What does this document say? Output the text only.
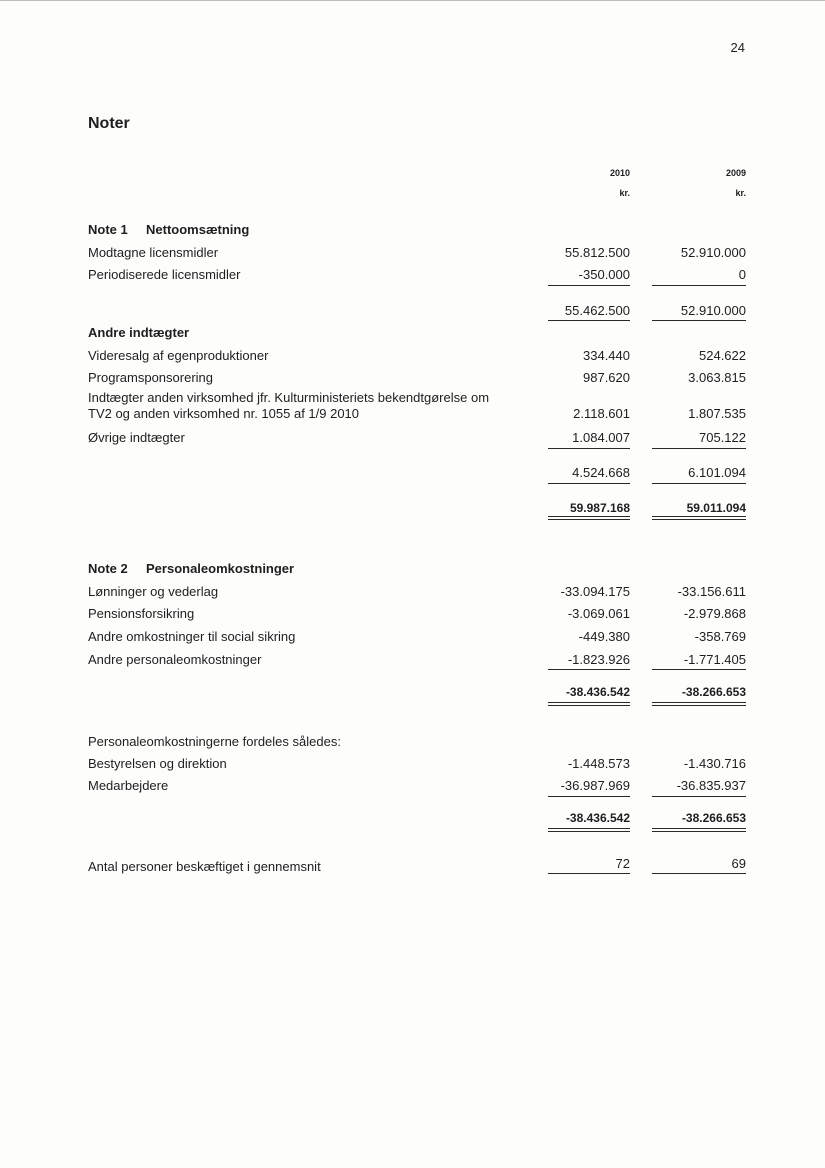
24
Noter
2010
kr.
2009
kr.
Note 1 Nettoomsætning
Modtagne licensmidler	55.812.500	52.910.000
Periodiserede licensmidler	-350.000	0
55.462.500	52.910.000
Andre indtægter
Videresalg af egenproduktioner	334.440	524.622
Programsponsorering	987.620	3.063.815
Indtægter anden virksomhed jfr. Kulturministeriets bekendtgørelse om
TV2 og anden virksomhed nr. 1055 af 1/9 2010	2.118.601	1.807.535
Øvrige indtægter	1.084.007	705.122
4.524.668	6.101.094
59.987.168	59.011.094
Note 2 Personaleomkostninger
Lønninger og vederlag	-33.094.175	-33.156.611
Pensionsforsikring	-3.069.061	-2.979.868
Andre omkostninger til social sikring	-449.380	-358.769
Andre personaleomkostninger	-1.823.926	-1.771.405
-38.436.542	-38.266.653
Personaleomkostningerne fordeles således:
Bestyrelsen og direktion	-1.448.573	-1.430.716
Medarbejdere	-36.987.969	-36.835.937
-38.436.542	-38.266.653
Antal personer beskæftiget i gennemsnit	72	69
